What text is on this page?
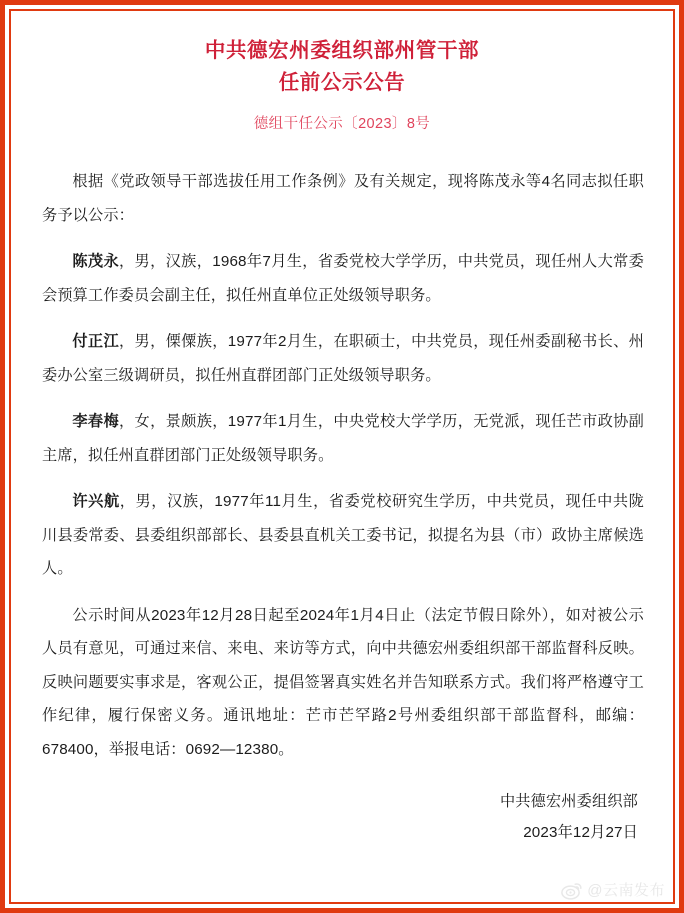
中共德宏州委组织部州管干部
任前公示公告
德组干任公示〔2023〕8号

根据《党政领导干部选拔任用工作条例》及有关规定，现将陈茂永等4名同志拟任职务予以公示：

陈茂永，男，汉族，1968年7月生，省委党校大学学历，中共党员，现任州人大常委会预算工作委员会副主任，拟任州直单位正处级领导职务。

付正江，男，傈僳族，1977年2月生，在职硕士，中共党员，现任州委副秘书长、州委办公室三级调研员，拟任州直群团部门正处级领导职务。

李春梅，女，景颇族，1977年1月生，中央党校大学学历，无党派，现任芒市政协副主席，拟任州直群团部门正处级领导职务。

许兴航，男，汉族，1977年11月生，省委党校研究生学历，中共党员，现任中共陇川县委常委、县委组织部部长、县委县直机关工委书记，拟提名为县（市）政协主席候选人。

公示时间从2023年12月28日起至2024年1月4日止（法定节假日除外），如对被公示人员有意见，可通过来信、来电、来访等方式，向中共德宏州委组织部干部监督科反映。反映问题要实事求是，客观公正，提倡签署真实姓名并告知联系方式。我们将严格遵守工作纪律，履行保密义务。通讯地址：芒市芒罕路2号州委组织部干部监督科，邮编：678400，举报电话：0692—12380。

中共德宏州委组织部
2023年12月27日
@云南发布
